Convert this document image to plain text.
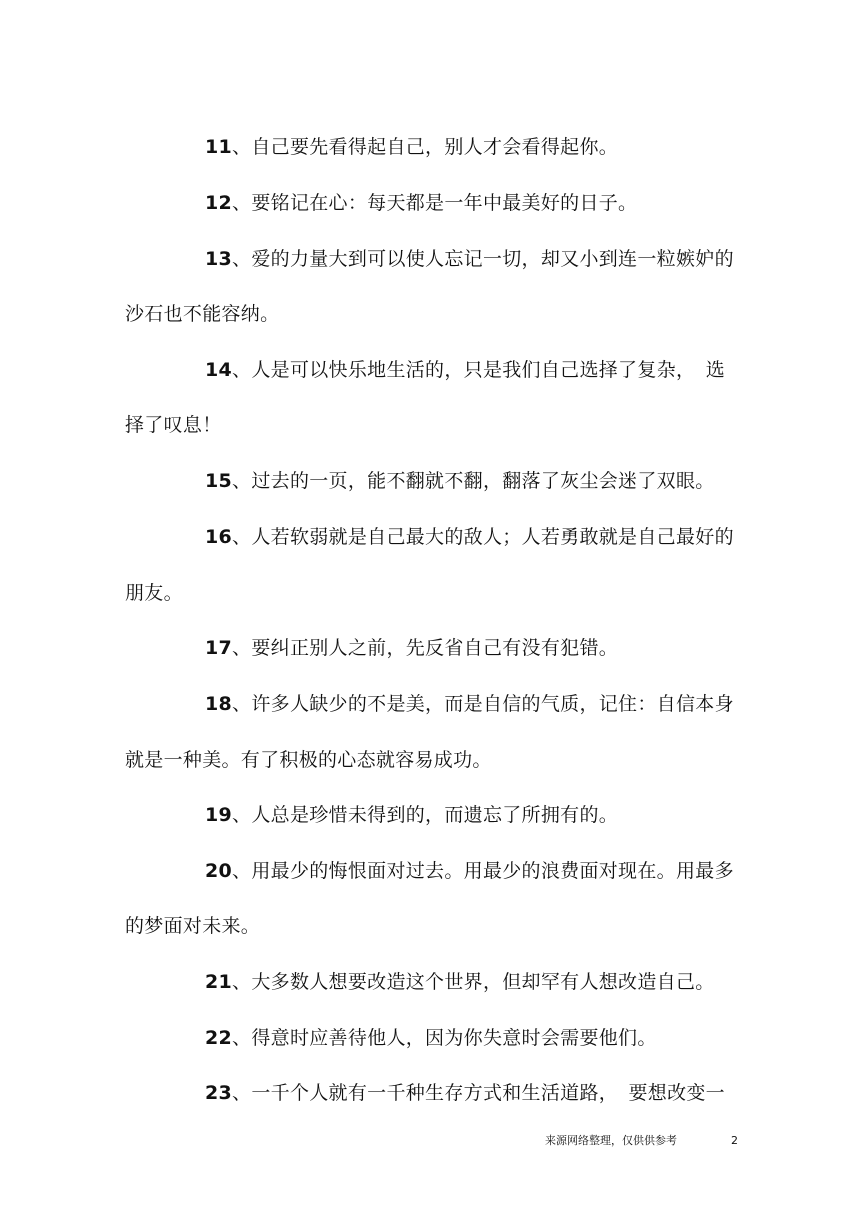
11、自己要先看得起自己，别人才会看得起你。
12、要铭记在心：每天都是一年中最美好的日子。
13、爱的力量大到可以使人忘记一切，却又小到连一粒嫉妒 的
沙石也不能容纳。
14、人是可以快乐地生活的，只是我们自己选择了复杂， 选
择了叹息！
15、过去的一页，能不翻就不翻，翻落了灰尘会迷了双眼。
16、人若软弱就是自己最大的敌人；人若勇敢就是自己最好 的
朋友。
17、要纠正别人之前，先反省自己有没有犯错。
18、许多人缺少的不是美，而是自信的气质，记住：自信本 身
就是一种美。有了积极的心态就容易成功。
19、人总是珍惜未得到的，而遗忘了所拥有的。
20、用最少的悔恨面对过去。用最少的浪费面对现在。用最 多
的梦面对未来。
21、大多数人想要改造这个世界，但却罕有人想改造自己。
22、得意时应善待他人，因为你失意时会需要他们。
23、一千个人就有一千种生存方式和生活道路， 要想改变一
来源网络整理，仅供供参考	2
